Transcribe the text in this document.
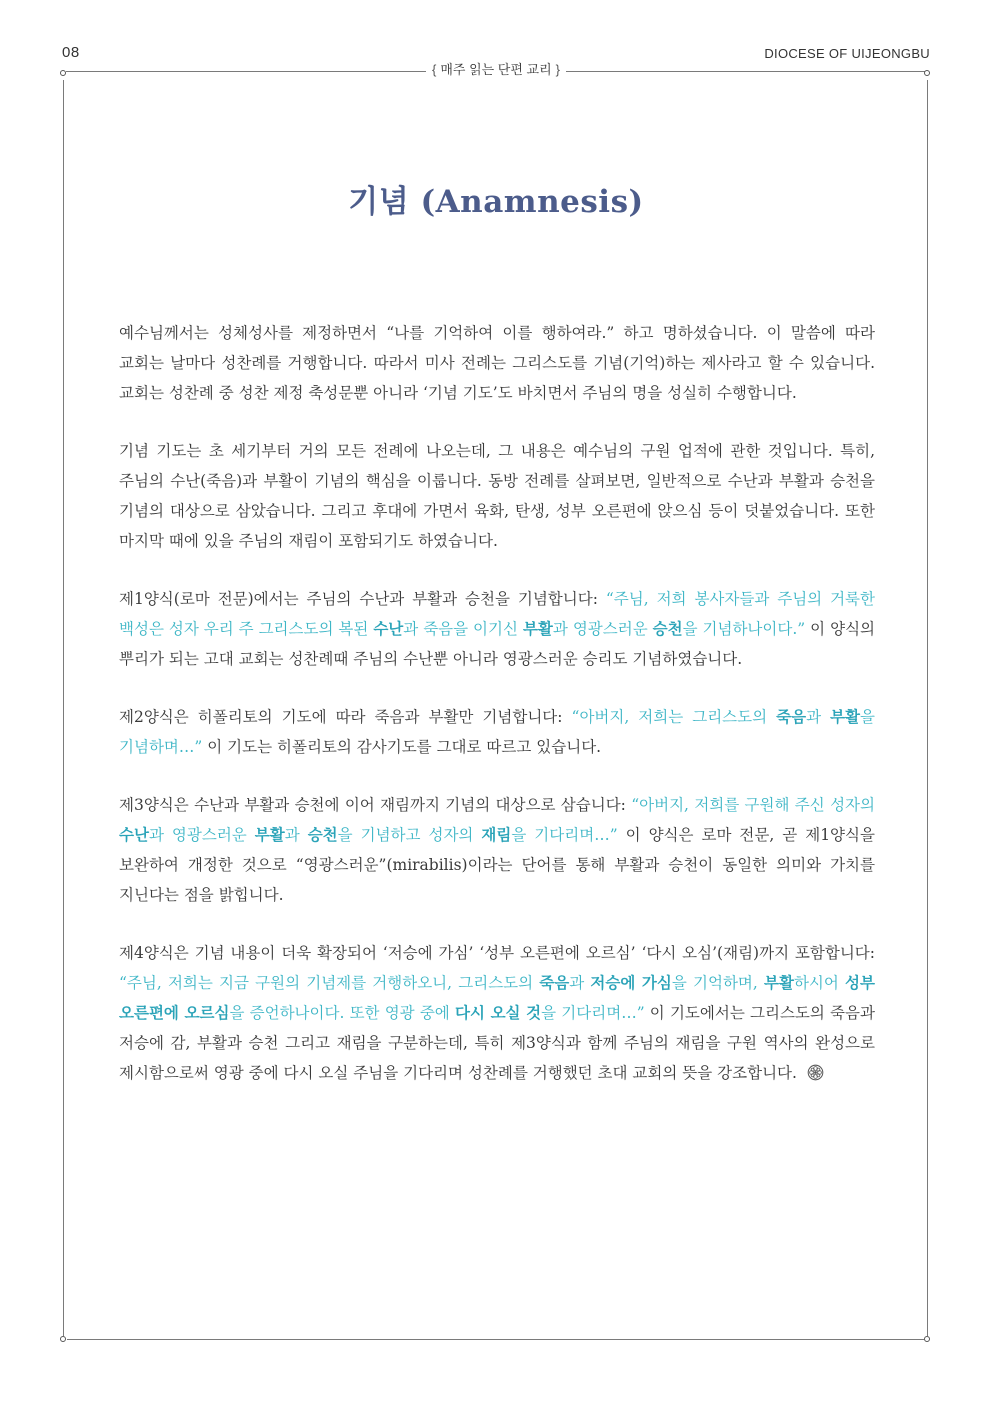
08	DIOCESE OF UIJEONGBU
{ 매주 읽는 단편 교리 }
기념 (Anamnesis)

예수님께서는 성체성사를 제정하면서 “나를 기억하여 이를 행하여라.” 하고 명하셨습니다. 이 말씀에 따라 교회는 날마다 성찬례를 거행합니다. 따라서 미사 전례는 그리스도를 기념(기억)하는 제사라고 할 수 있습니다. 교회는 성찬례 중 성찬 제정 축성문뿐 아니라 ‘기념 기도’도 바치면서 주님의 명을 성실히 수행합니다.

기념 기도는 초 세기부터 거의 모든 전례에 나오는데, 그 내용은 예수님의 구원 업적에 관한 것입니다. 특히, 주님의 수난(죽음)과 부활이 기념의 핵심을 이룹니다. 동방 전례를 살펴보면, 일반적으로 수난과 부활과 승천을 기념의 대상으로 삼았습니다. 그리고 후대에 가면서 육화, 탄생, 성부 오른편에 앉으심 등이 덧붙었습니다. 또한 마지막 때에 있을 주님의 재림이 포함되기도 하였습니다.

제1양식(로마 전문)에서는 주님의 수난과 부활과 승천을 기념합니다: “주님, 저희 봉사자들과 주님의 거룩한 백성은 성자 우리 주 그리스도의 복된 수난과 죽음을 이기신 부활과 영광스러운 승천을 기념하나이다.” 이 양식의 뿌리가 되는 고대 교회는 성찬례때 주님의 수난뿐 아니라 영광스러운 승리도 기념하였습니다.

제2양식은 히폴리토의 기도에 따라 죽음과 부활만 기념합니다: “아버지, 저희는 그리스도의 죽음과 부활을 기념하며…” 이 기도는 히폴리토의 감사기도를 그대로 따르고 있습니다.

제3양식은 수난과 부활과 승천에 이어 재림까지 기념의 대상으로 삼습니다: “아버지, 저희를 구원해 주신 성자의 수난과 영광스러운 부활과 승천을 기념하고 성자의 재림을 기다리며…” 이 양식은 로마 전문, 곧 제1양식을 보완하여 개정한 것으로 “영광스러운”(mirabilis)이라는 단어를 통해 부활과 승천이 동일한 의미와 가치를 지닌다는 점을 밝힙니다.

제4양식은 기념 내용이 더욱 확장되어 ‘저승에 가심’ ‘성부 오른편에 오르심’ ‘다시 오심’(재림)까지 포함합니다: “주님, 저희는 지금 구원의 기념제를 거행하오니, 그리스도의 죽음과 저승에 가심을 기억하며, 부활하시어 성부 오른편에 오르심을 증언하나이다. 또한 영광 중에 다시 오실 것을 기다리며…” 이 기도에서는 그리스도의 죽음과 저승에 감, 부활과 승천 그리고 재림을 구분하는데, 특히 제3양식과 함께 주님의 재림을 구원 역사의 완성으로 제시함으로써 영광 중에 다시 오실 주님을 기다리며 성찬례를 거행했던 초대 교회의 뜻을 강조합니다.
